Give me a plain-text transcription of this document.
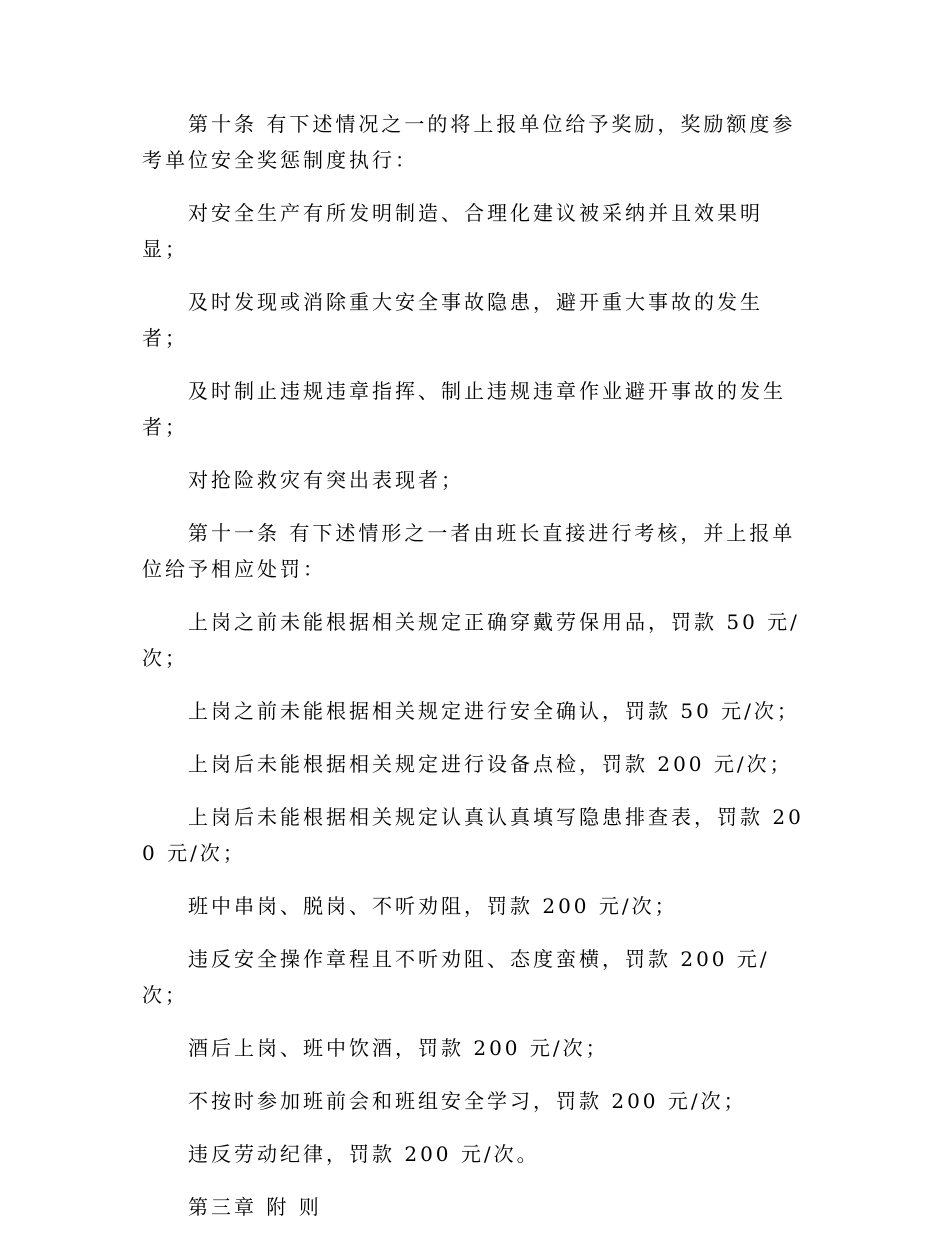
第十条 有下述情况之一的将上报单位给予奖励，奖励额度参考单位安全奖惩制度执行：

对安全生产有所发明制造、合理化建议被采纳并且效果明显；

及时发现或消除重大安全事故隐患，避开重大事故的发生者；

及时制止违规违章指挥、制止违规违章作业避开事故的发生者；

对抢险救灾有突出表现者；

第十一条 有下述情形之一者由班长直接进行考核，并上报单位给予相应处罚：

上岗之前未能根据相关规定正确穿戴劳保用品，罚款 50 元/次；

上岗之前未能根据相关规定进行安全确认，罚款 50 元/次；

上岗后未能根据相关规定进行设备点检，罚款 200 元/次；

上岗后未能根据相关规定认真认真填写隐患排查表，罚款 200 元/次；

班中串岗、脱岗、不听劝阻，罚款 200 元/次；

违反安全操作章程且不听劝阻、态度蛮横，罚款 200 元/次；

酒后上岗、班中饮酒，罚款 200 元/次；

不按时参加班前会和班组安全学习，罚款 200 元/次；

违反劳动纪律，罚款 200 元/次。

第三章 附 则
